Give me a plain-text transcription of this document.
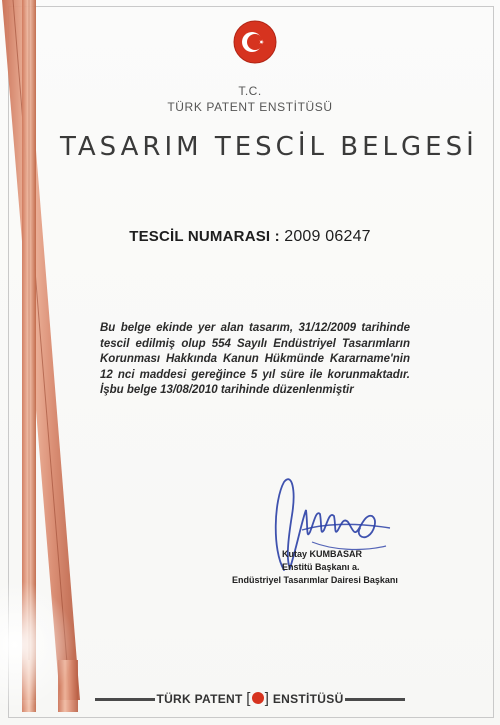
T.C.
TÜRK PATENT ENSTİTÜSÜ
TASARIM TESCİL BELGESİ
TESCİL NUMARASI : 2009 06247
Bu belge ekinde yer alan tasarım, 31/12/2009 tarihinde tescil edilmiş olup 554 Sayılı Endüstriyel Tasarımların Korunması Hakkında Kanun Hükmünde Kararname'nin 12 nci maddesi gereğince 5 yıl süre ile korunmaktadır. İşbu belge 13/08/2010 tarihinde düzenlenmiştir
Kutay KUMBASAR
Enstitü Başkanı a.
Endüstriyel Tasarımlar Dairesi Başkanı
TÜRK PATENT [ ] ENSTİTÜSÜ
